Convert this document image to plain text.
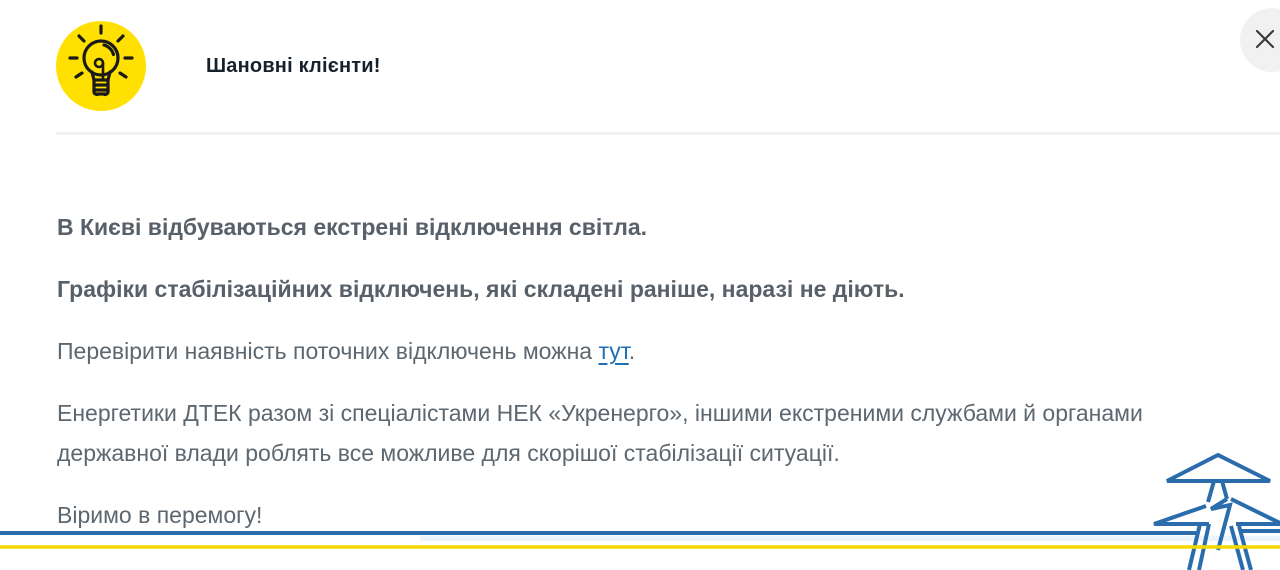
Шановні клієнти!

В Києві відбуваються екстрені відключення світла.

Графіки стабілізаційних відключень, які складені раніше, наразі не діють.

Перевірити наявність поточних відключень можна тут.

Енергетики ДТЕК разом зі спеціалістами НЕК «Укренерго», іншими екстреними службами й органами державної влади роблять все можливе для скорішої стабілізації ситуації.

Віримо в перемогу!
